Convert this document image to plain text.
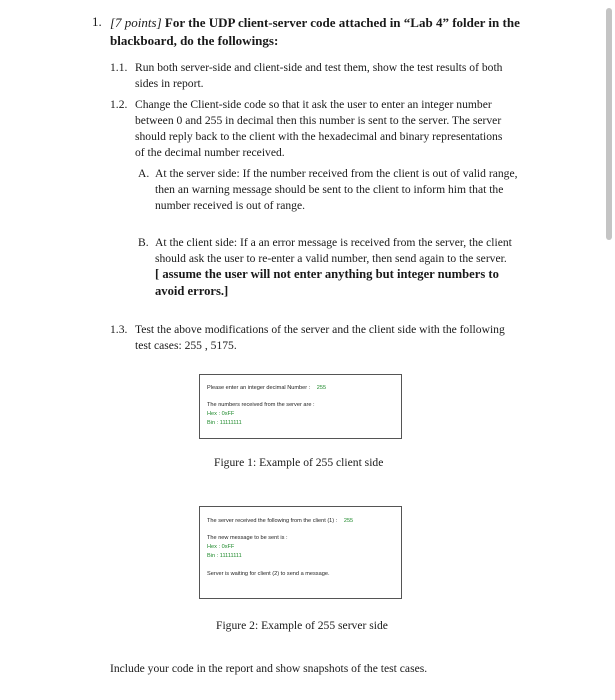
1. [7 points] For the UDP client-server code attached in “Lab 4” folder in the blackboard, do the followings:
1.1. Run both server-side and client-side and test them, show the test results of both
sides in report.
1.2. Change the Client-side code so that it ask the user to enter an integer number
between 0 and 255 in decimal then this number is sent to the server. The server
should reply back to the client with the hexadecimal and binary representations
of the decimal number received.
A. At the server side: If the number received from the client is out of valid range,
then an warning message should be sent to the client to inform him that the
number received is out of range.
B. At the client side: If a an error message is received from the server, the client
should ask the user to re-enter a valid number, then send again to the server.
[ assume the user will not enter anything but integer numbers to
avoid errors.]
1.3. Test the above modifications of the server and the client side with the following
test cases: 255 , 5175.
Please enter an integer decimal Number : 255
The numbers received from the server are :
Hex : 0xFF
Bin : 11111111
Figure 1: Example of 255 client side
The server received the following from the client (1) : 255
The new message to be sent is :
Hex : 0xFF
Bin : 11111111
Server is waiting for client (2) to send a message.
Figure 2: Example of 255 server side
Include your code in the report and show snapshots of the test cases.
